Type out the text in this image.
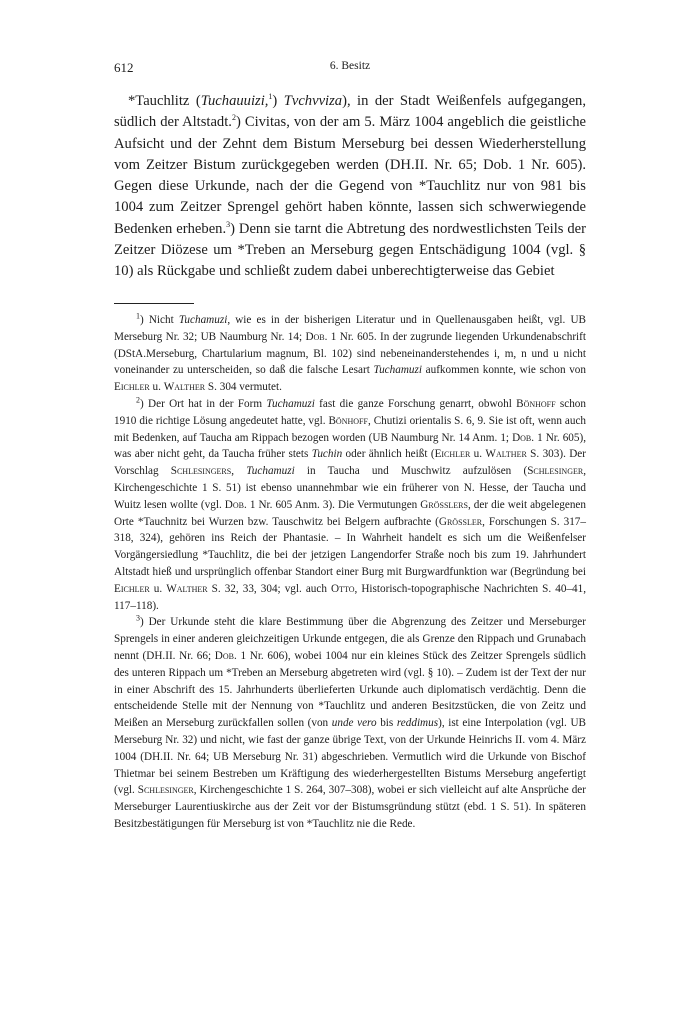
612	6. Besitz

*Tauchlitz (Tuchauuizi,$^1$) Tvchvviza), in der Stadt Weißenfels aufgegangen, südlich der Altstadt.$^2$) Civitas, von der am 5. März 1004 angeblich die geistliche Aufsicht und der Zehnt dem Bistum Merseburg bei dessen Wiederherstellung vom Zeitzer Bistum zurückgegeben werden (DH.II. Nr. 65; Dob. 1 Nr. 605). Gegen diese Urkunde, nach der die Gegend von *Tauchlitz nur von 981 bis 1004 zum Zeitzer Sprengel gehört haben könnte, lassen sich schwerwiegende Bedenken erheben.$^3$) Denn sie tarnt die Abtretung des nordwestlichsten Teils der Zeitzer Diözese um *Treben an Merseburg gegen Entschädigung 1004 (vgl. § 10) als Rückgabe und schließt zudem dabei unberechtigterweise das Gebiet

$^1$) Nicht Tuchamuzi, wie es in der bisherigen Literatur und in Quellenausgaben heißt, vgl. UB Merseburg Nr. 32; UB Naumburg Nr. 14; Dob. 1 Nr. 605. In der zugrunde liegenden Urkundenabschrift (DStA.Merseburg, Chartularium magnum, Bl. 102) sind nebeneinanderstehendes i, m, n und u nicht voneinander zu unterscheiden, so daß die falsche Lesart Tuchamuzi aufkommen konnte, wie schon von Eichler u. Walther S. 304 vermutet.

$^2$) Der Ort hat in der Form Tuchamuzi fast die ganze Forschung genarrt, obwohl Bönhoff schon 1910 die richtige Lösung angedeutet hatte, vgl. Bönhoff, Chutizi orientalis S. 6, 9. Sie ist oft, wenn auch mit Bedenken, auf Taucha am Rippach bezogen worden (UB Naumburg Nr. 14 Anm. 1; Dob. 1 Nr. 605), was aber nicht geht, da Taucha früher stets Tuchin oder ähnlich heißt (Eichler u. Walther S. 303). Der Vorschlag Schlesingers, Tuchamuzi in Taucha und Muschwitz aufzulösen (Schlesinger, Kirchengeschichte 1 S. 51) ist ebenso unannehmbar wie ein früherer von N. Hesse, der Taucha und Wuitz lesen wollte (vgl. Dob. 1 Nr. 605 Anm. 3). Die Vermutungen Grösslers, der die weit abgelegenen Orte *Tauchnitz bei Wurzen bzw. Tauschwitz bei Belgern aufbrachte (Grössler, Forschungen S. 317–318, 324), gehören ins Reich der Phantasie. – In Wahrheit handelt es sich um die Weißenfelser Vorgängersiedlung *Tauchlitz, die bei der jetzigen Langendorfer Straße noch bis zum 19. Jahrhundert Altstadt hieß und ursprünglich offenbar Standort einer Burg mit Burgwardfunktion war (Begründung bei Eichler u. Walther S. 32, 33, 304; vgl. auch Otto, Historisch-topographische Nachrichten S. 40–41, 117–118).

$^3$) Der Urkunde steht die klare Bestimmung über die Abgrenzung des Zeitzer und Merseburger Sprengels in einer anderen gleichzeitigen Urkunde entgegen, die als Grenze den Rippach und Grunabach nennt (DH.II. Nr. 66; Dob. 1 Nr. 606), wobei 1004 nur ein kleines Stück des Zeitzer Sprengels südlich des unteren Rippach um *Treben an Merseburg abgetreten wird (vgl. § 10). – Zudem ist der Text der nur in einer Abschrift des 15. Jahrhunderts überlieferten Urkunde auch diplomatisch verdächtig. Denn die entscheidende Stelle mit der Nennung von *Tauchlitz und anderen Besitzstücken, die von Zeitz und Meißen an Merseburg zurückfallen sollen (von unde vero bis reddimus), ist eine Interpolation (vgl. UB Merseburg Nr. 32) und nicht, wie fast der ganze übrige Text, von der Urkunde Heinrichs II. vom 4. März 1004 (DH.II. Nr. 64; UB Merseburg Nr. 31) abgeschrieben. Vermutlich wird die Urkunde von Bischof Thietmar bei seinem Bestreben um Kräftigung des wiederhergestellten Bistums Merseburg angefertigt (vgl. Schlesinger, Kirchengeschichte 1 S. 264, 307–308), wobei er sich vielleicht auf alte Ansprüche der Merseburger Laurentiuskirche aus der Zeit vor der Bistumsgründung stützt (ebd. 1 S. 51). In späteren Besitzbestätigungen für Merseburg ist von *Tauchlitz nie die Rede.
